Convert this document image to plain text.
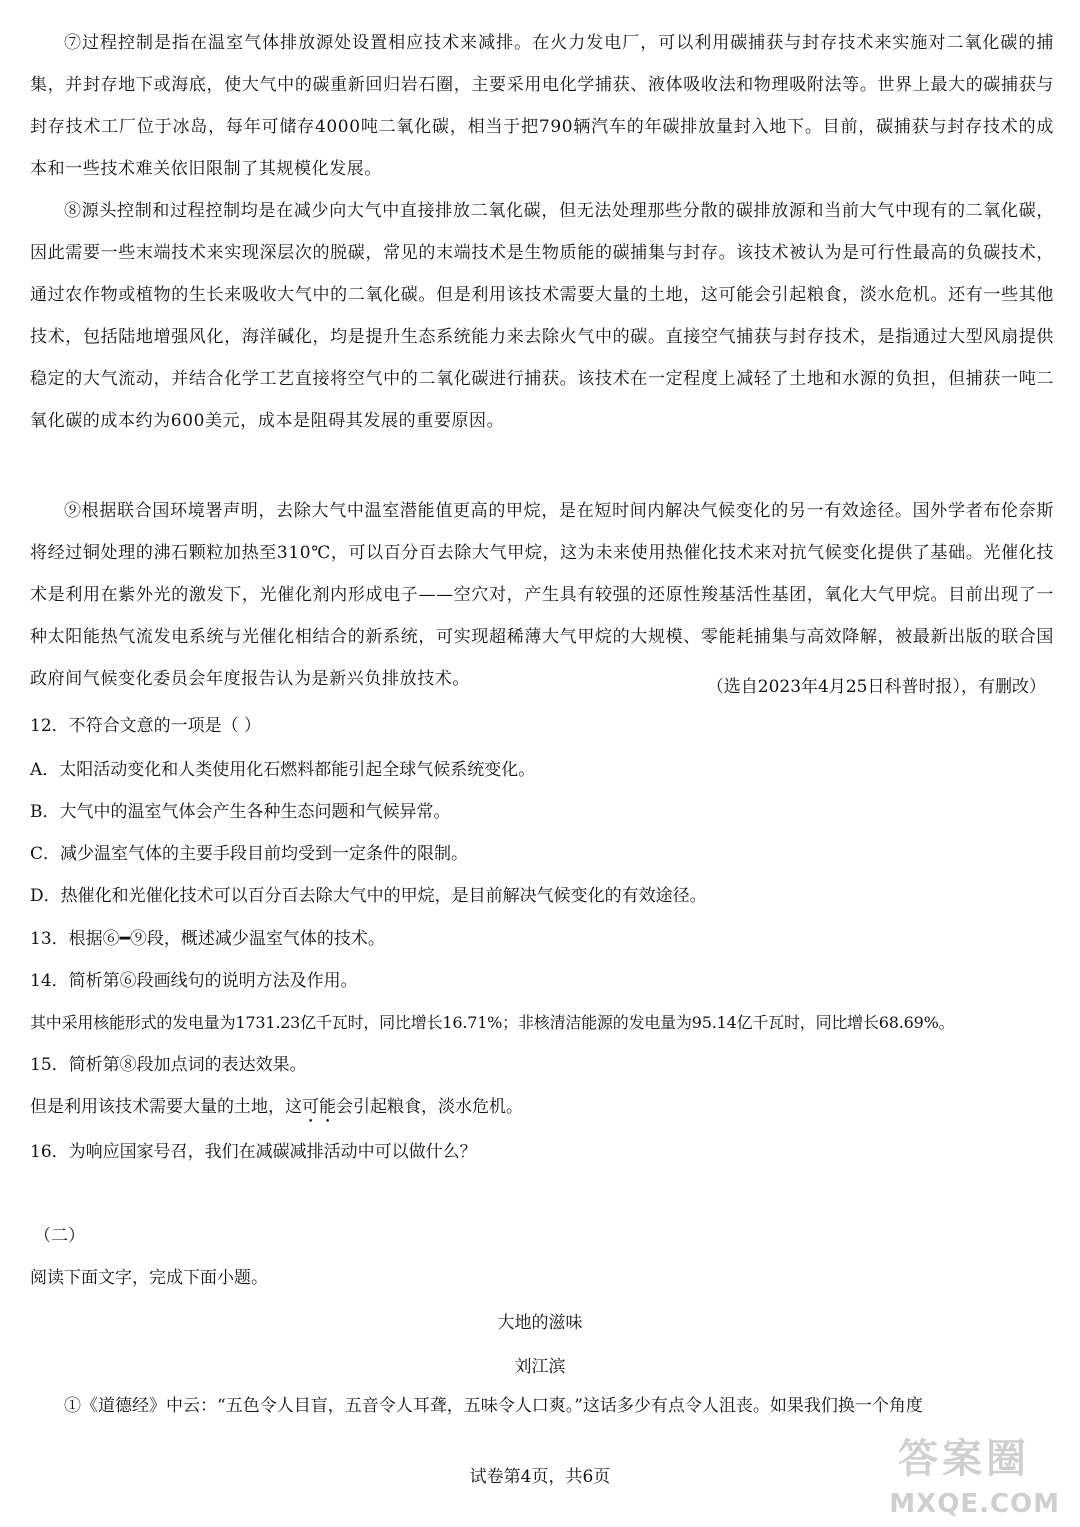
⑦过程控制是指在温室气体排放源处设置相应技术来减排。在火力发电厂，可以利用碳捕获与封存技术来实施对二氧化碳的捕集，并封存地下或海底，使大气中的碳重新回归岩石圈，主要采用电化学捕获、液体吸收法和物理吸附法等。世界上最大的碳捕获与封存技术工厂位于冰岛，每年可储存4000吨二氧化碳，相当于把790辆汽车的年碳排放量封入地下。目前，碳捕获与封存技术的成本和一些技术难关依旧限制了其规模化发展。

⑧源头控制和过程控制均是在减少向大气中直接排放二氧化碳，但无法处理那些分散的碳排放源和当前大气中现有的二氧化碳，因此需要一些末端技术来实现深层次的脱碳，常见的末端技术是生物质能的碳捕集与封存。该技术被认为是可行性最高的负碳技术，通过农作物或植物的生长来吸收大气中的二氧化碳。但是利用该技术需要大量的土地，这可能会引起粮食，淡水危机。还有一些其他技术，包括陆地增强风化，海洋碱化，均是提升生态系统能力来去除火气中的碳。直接空气捕获与封存技术，是指通过大型风扇提供稳定的大气流动，并结合化学工艺直接将空气中的二氧化碳进行捕获。该技术在一定程度上减轻了土地和水源的负担，但捕获一吨二氧化碳的成本约为600美元，成本是阻碍其发展的重要原因。

⑨根据联合国环境署声明，去除大气中温室潜能值更高的甲烷，是在短时间内解决气候变化的另一有效途径。国外学者布伦奈斯将经过铜处理的沸石颗粒加热至310℃，可以百分百去除大气甲烷，这为未来使用热催化技术来对抗气候变化提供了基础。光催化技术是利用在紫外光的激发下，光催化剂内形成电子——空穴对，产生具有较强的还原性羧基活性基团，氧化大气甲烷。目前出现了一种太阳能热气流发电系统与光催化相结合的新系统，可实现超稀薄大气甲烷的大规模、零能耗捕集与高效降解，被最新出版的联合国政府间气候变化委员会年度报告认为是新兴负排放技术。	（选自2023年4月25日科普时报），有删改）

12．不符合文意的一项是（ ）

A．太阳活动变化和人类使用化石燃料都能引起全球气候系统变化。

B．大气中的温室气体会产生各种生态问题和气候异常。

C．减少温室气体的主要手段目前均受到一定条件的限制。

D．热催化和光催化技术可以百分百去除大气中的甲烷，是目前解决气候变化的有效途径。

13．根据⑥━⑨段，概述减少温室气体的技术。

14．简析第⑥段画线句的说明方法及作用。

其中采用核能形式的发电量为1731.23亿千瓦时，同比增长16.71%；非核清洁能源的发电量为95.14亿千瓦时，同比增长68.69%。

15．简析第⑧段加点词的表达效果。

但是利用该技术需要大量的土地，这可能会引起粮食，淡水危机。

16．为响应国家号召，我们在减碳减排活动中可以做什么？

（二）

阅读下面文字，完成下面小题。

大地的滋味

刘江滨

①《道德经》中云：“五色令人目盲，五音令人耳聋，五味令人口爽。”这话多少有点令人沮丧。如果我们换一个角度

试卷第4页，共6页	答案圈
MXQE.COM
